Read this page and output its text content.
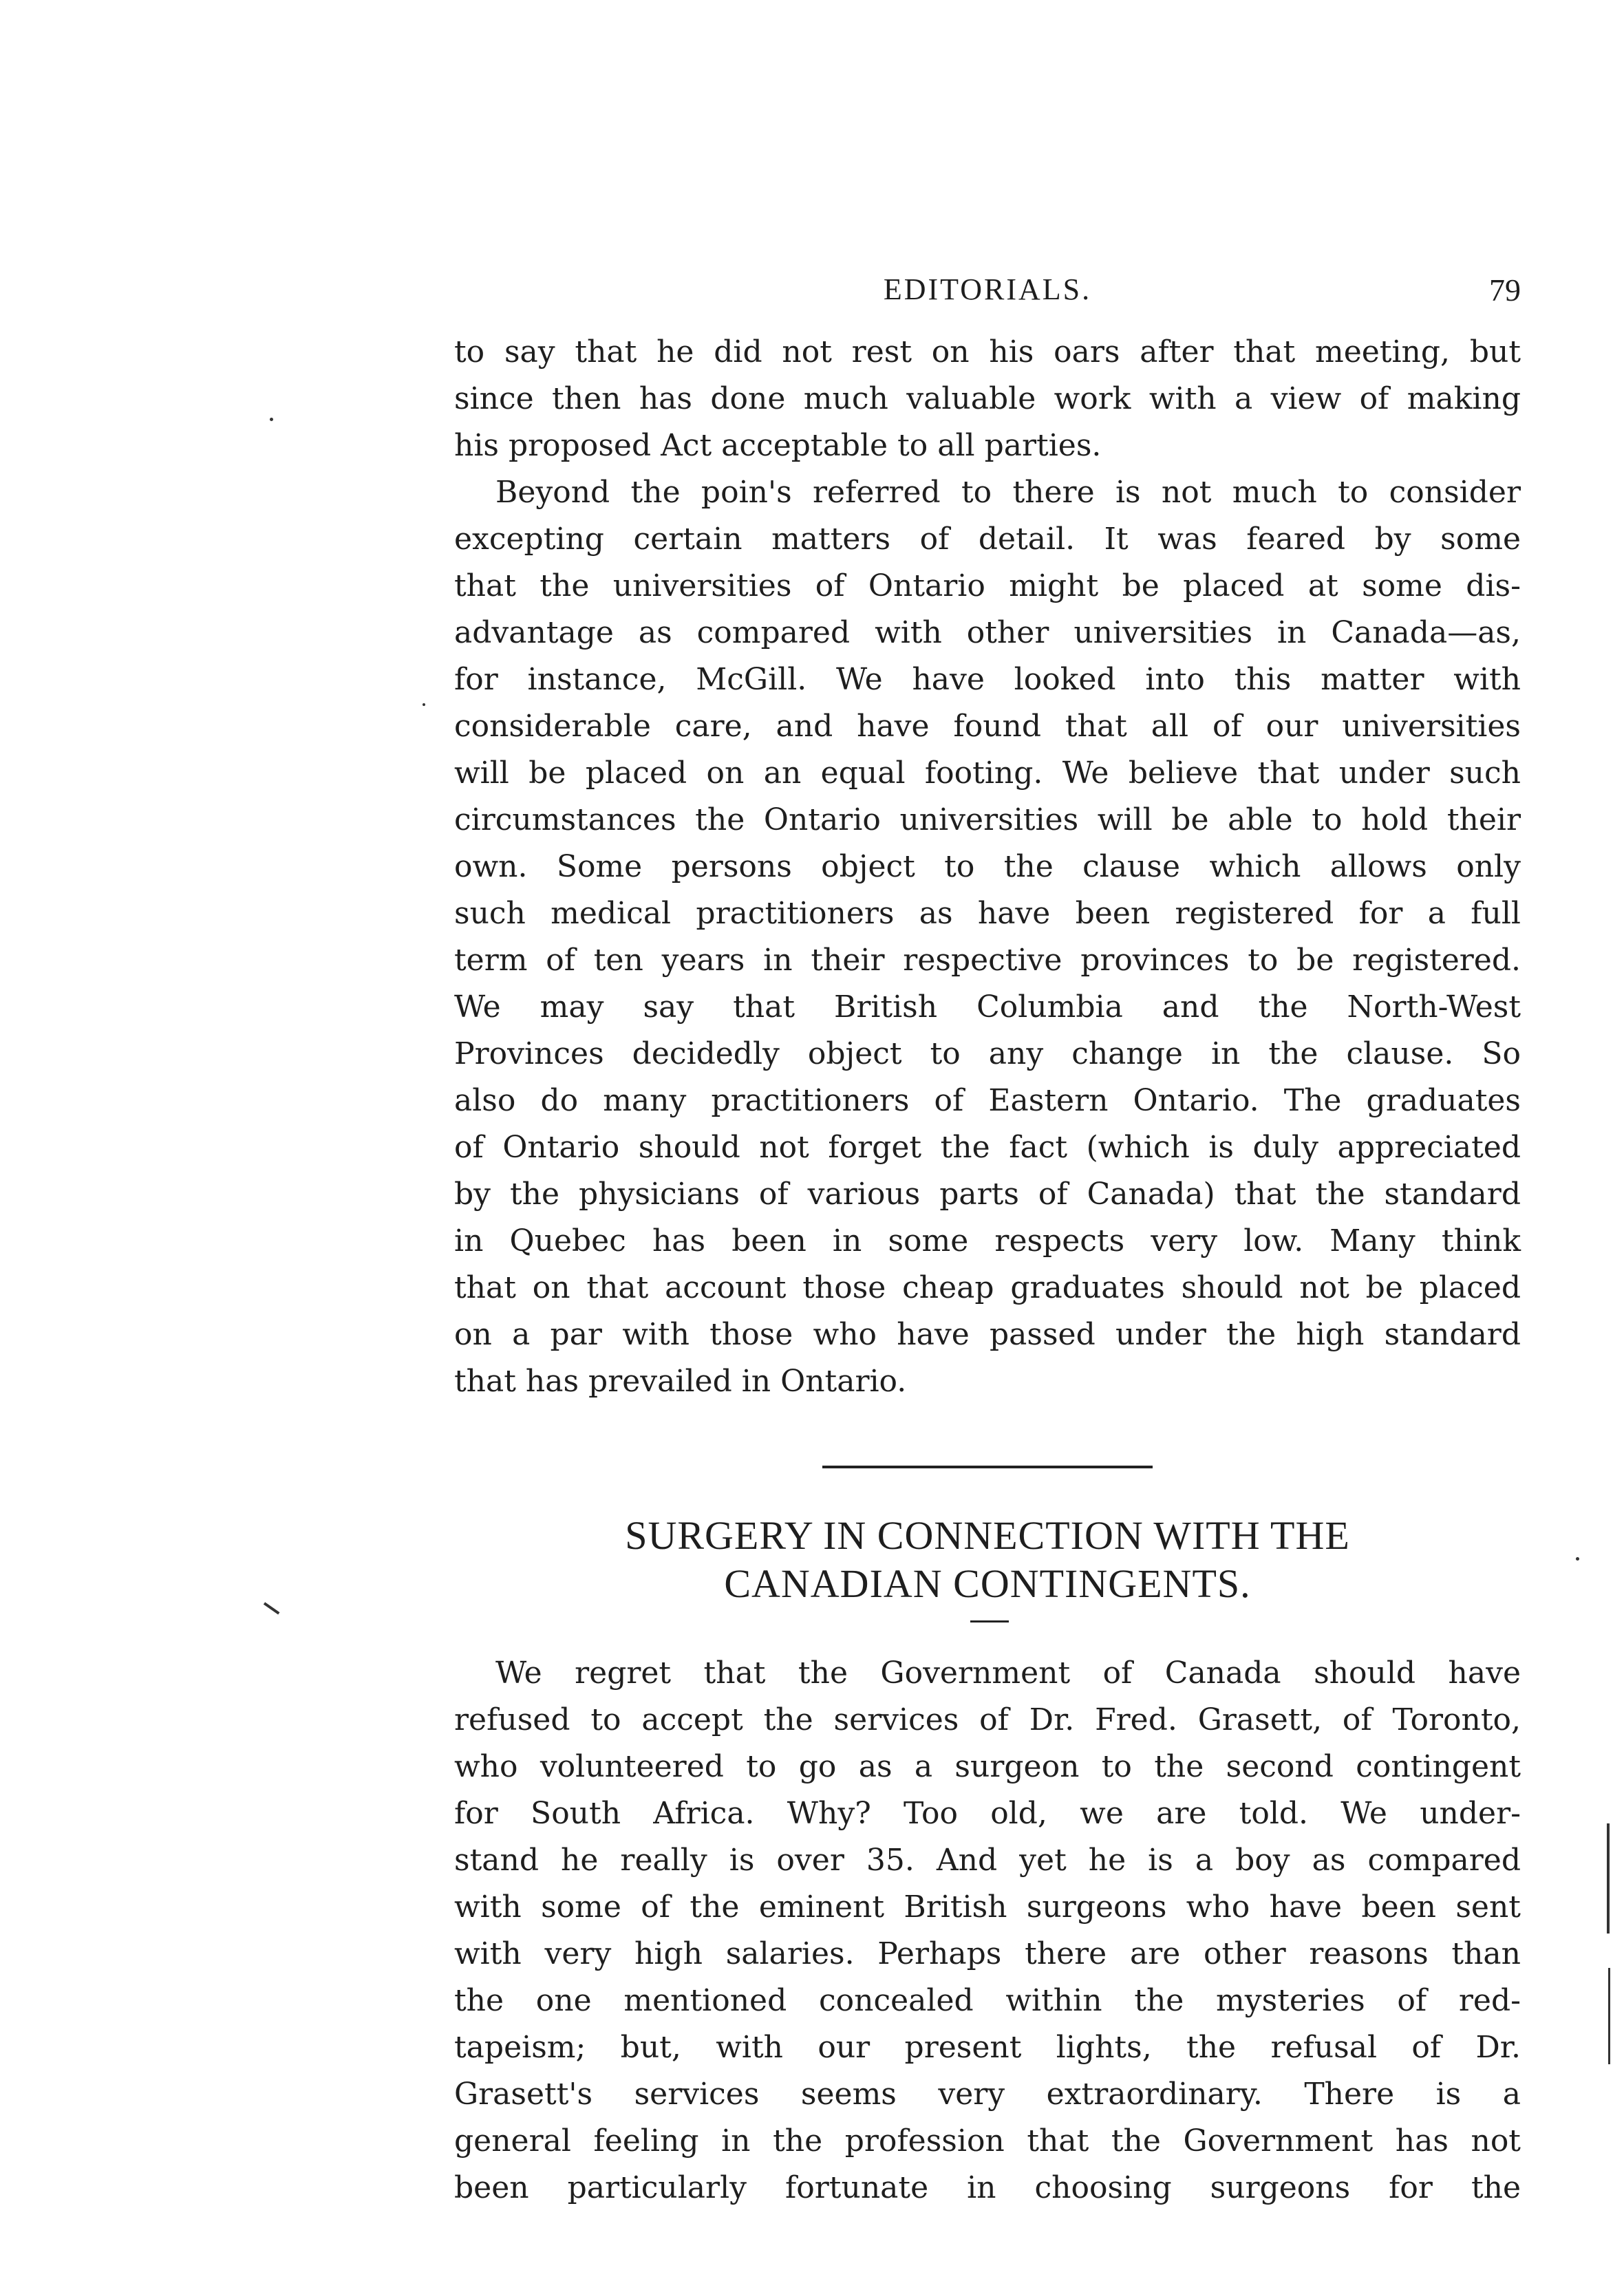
EDITORIALS.	79
to say that he did not rest on his oars after that meeting, but
since then has done much valuable work with a view of making
his proposed Act acceptable to all parties.
Beyond the poin's referred to there is not much to consider
excepting certain matters of detail. It was feared by some
that the universities of Ontario might be placed at some dis-
advantage as compared with other universities in Canada—as,
for instance, McGill. We have looked into this matter with
considerable care, and have found that all of our universities
will be placed on an equal footing. We believe that under such
circumstances the Ontario universities will be able to hold their
own. Some persons object to the clause which allows only
such medical practitioners as have been registered for a full
term of ten years in their respective provinces to be registered.
We may say that British Columbia and the North-West
Provinces decidedly object to any change in the clause. So
also do many practitioners of Eastern Ontario. The graduates
of Ontario should not forget the fact (which is duly appreciated
by the physicians of various parts of Canada) that the standard
in Quebec has been in some respects very low. Many think
that on that account those cheap graduates should not be placed
on a par with those who have passed under the high standard
that has prevailed in Ontario.
SURGERY IN CONNECTION WITH THE
CANADIAN CONTINGENTS.
We regret that the Government of Canada should have
refused to accept the services of Dr. Fred. Grasett, of Toronto,
who volunteered to go as a surgeon to the second contingent
for South Africa. Why? Too old, we are told. We under-
stand he really is over 35. And yet he is a boy as compared
with some of the eminent British surgeons who have been sent
with very high salaries. Perhaps there are other reasons than
the one mentioned concealed within the mysteries of red-
tapeism; but, with our present lights, the refusal of Dr.
Grasett's services seems very extraordinary. There is a
general feeling in the profession that the Government has not
been particularly fortunate in choosing surgeons for the
